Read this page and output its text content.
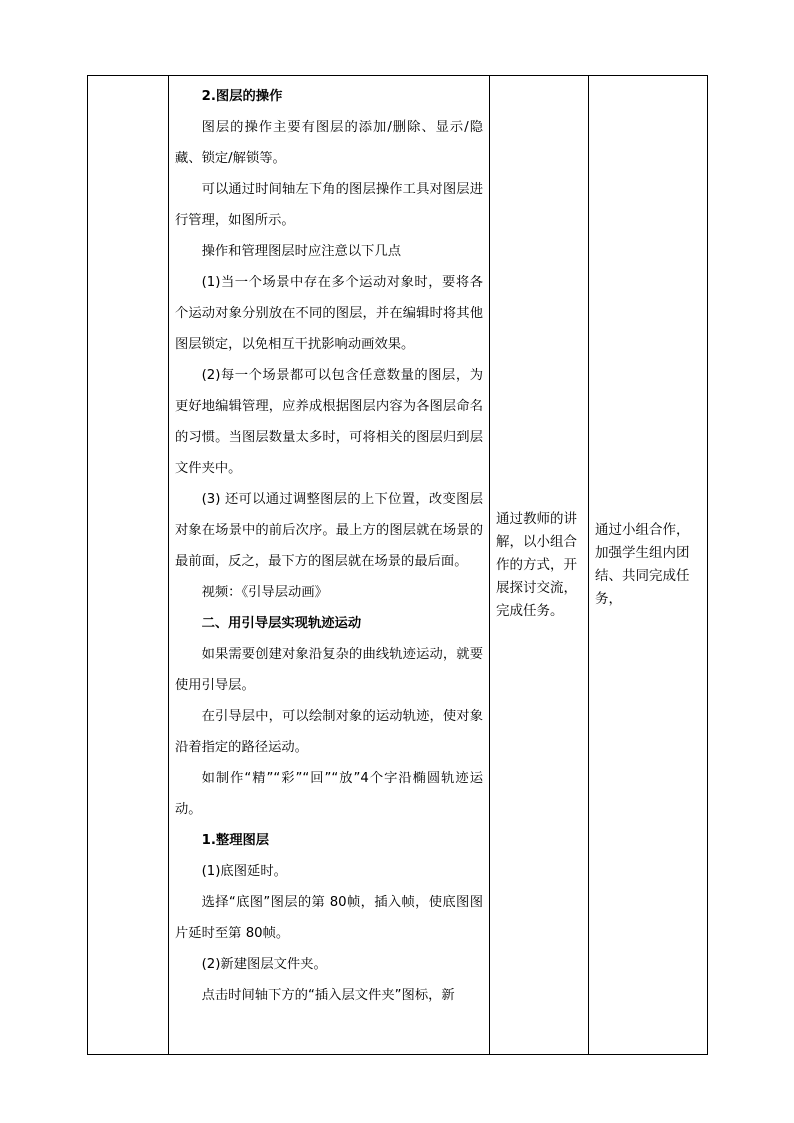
2.图层的操作

图层的操作主要有图层的添加/删除、显示/隐藏、锁定/解锁等。

可以通过时间轴左下角的图层操作工具对图层进行管理，如图所示。

操作和管理图层时应注意以下几点

(1)当一个场景中存在多个运动对象时，要将各个运动对象分别放在不同的图层，并在编辑时将其他图层锁定，以免相互干扰影响动画效果。

(2)每一个场景都可以包含任意数量的图层，为更好地编辑管理，应养成根据图层内容为各图层命名的习惯。当图层数量太多时，可将相关的图层归到层文件夹中。

(3) 还可以通过调整图层的上下位置，改变图层对象在场景中的前后次序。最上方的图层就在场景的最前面，反之，最下方的图层就在场景的最后面。

视频：《引导层动画》

二、用引导层实现轨迹运动

如果需要创建对象沿复杂的曲线轨迹运动，就要使用引导层。

在引导层中，可以绘制对象的运动轨迹，使对象沿着指定的路径运动。

如制作“精”“彩”“回”“放”4个字沿椭圆轨迹运动。

1.整理图层

(1)底图延时。

选择“底图”图层的第 80帧，插入帧，使底图图片延时至第 80帧。

(2)新建图层文件夹。

点击时间轴下方的“插入层文件夹”图标，新

通过教师的讲解，以小组合作的方式，开展探讨交流，完成任务。

通过小组合作，加强学生组内团结、共同完成任务，
